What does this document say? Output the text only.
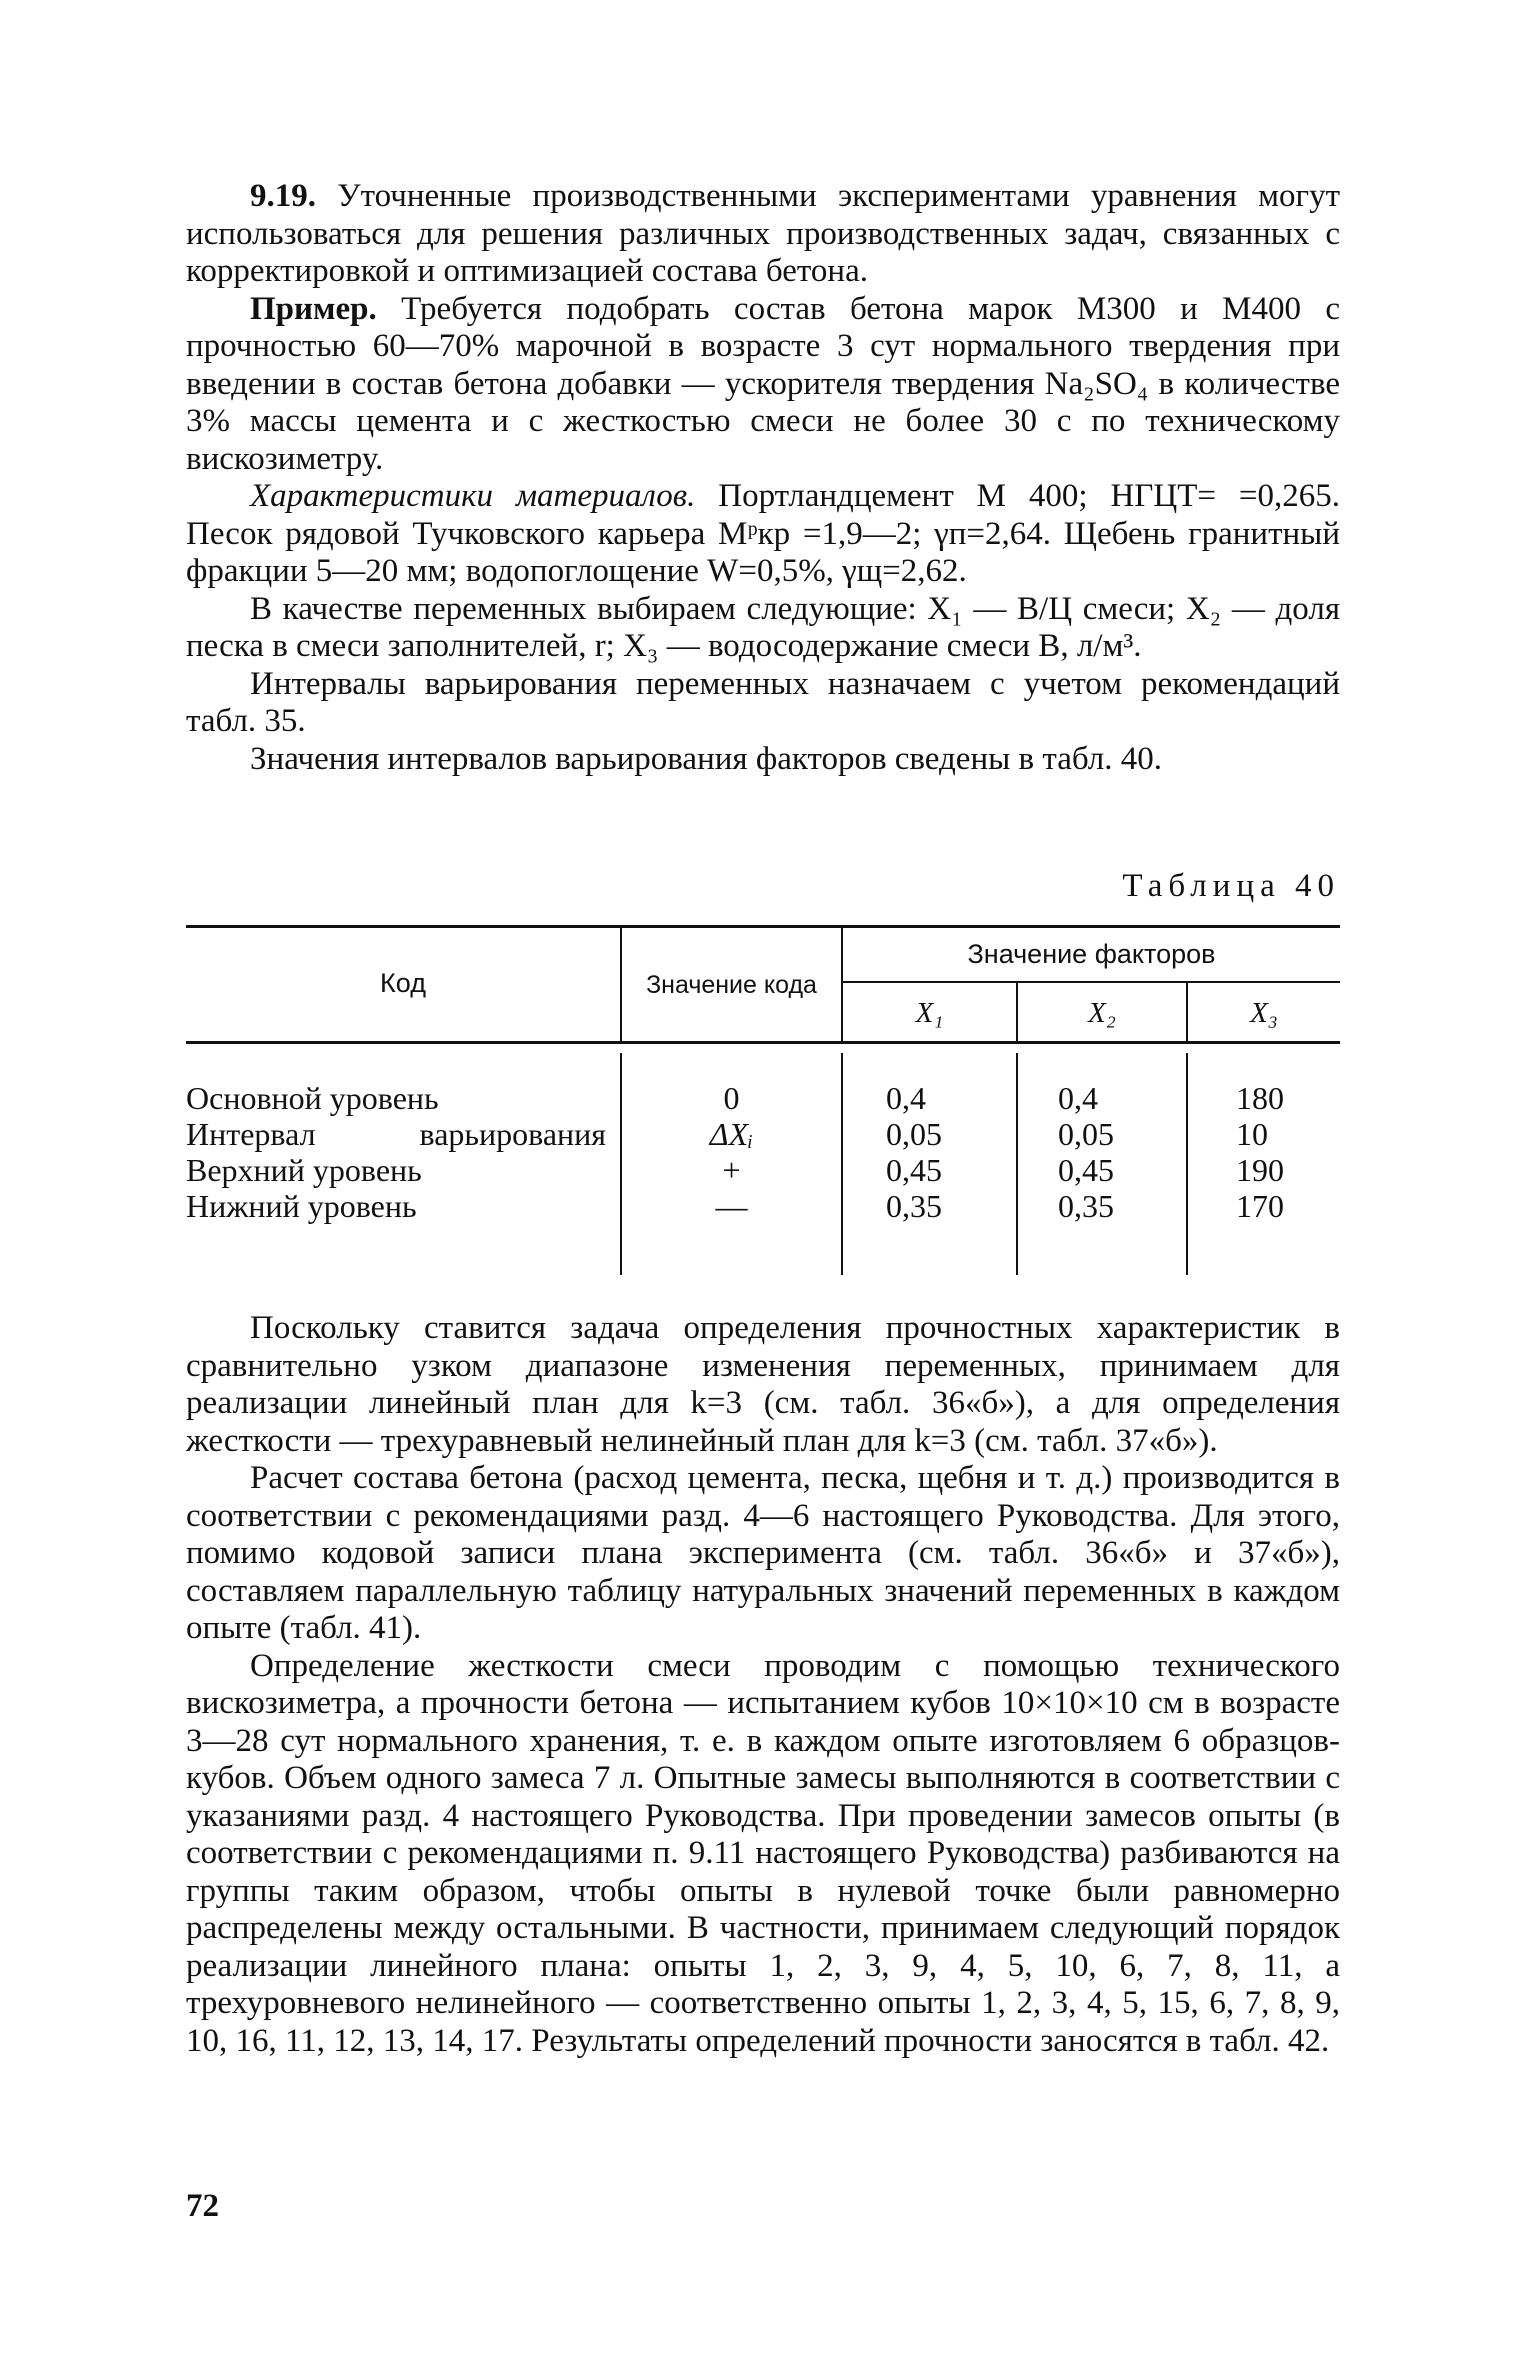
9.19. Уточненные производственными экспериментами уравнения могут использоваться для решения различных производственных задач, связанных с корректировкой и оптимизацией состава бетона.

Пример. Требуется подобрать состав бетона марок М300 и М400 с прочностью 60—70% марочной в возрасте 3 сут нормального твердения при введении в состав бетона добавки — ускорителя твердения Na₂SO₄ в количестве 3% массы цемента и с жесткостью смеси не более 30 с по техническому вискозиметру.

Характеристики материалов. Портландцемент М 400; НГЦТ= =0,265. Песок рядовой Тучковского карьера Мᵖкр =1,9—2; γп=2,64. Щебень гранитный фракции 5—20 мм; водопоглощение W=0,5%, γщ=2,62.

В качестве переменных выбираем следующие: X₁ — В/Ц смеси; X₂ — доля песка в смеси заполнителей, r; X₃ — водосодержание смеси В, л/м³.

Интервалы варьирования переменных назначаем с учетом рекомендаций табл. 35.

Значения интервалов варьирования факторов сведены в табл. 40.

Таблица 40
Код	Значение кода
Значение факторов
X₁	X₂	X₃
Основной уровень	0	0,4	0,4	180
Интервал варьирования	ΔXᵢ	0,05	0,05	10
Верхний уровень	+	0,45	0,45	190
Нижний уровень	—	0,35	0,35	170

Поскольку ставится задача определения прочностных характеристик в сравнительно узком диапазоне изменения переменных, принимаем для реализации линейный план для k=3 (см. табл. 36«б»), а для определения жесткости — трехуравневый нелинейный план для k=3 (см. табл. 37«б»).

Расчет состава бетона (расход цемента, песка, щебня и т. д.) производится в соответствии с рекомендациями разд. 4—6 настоящего Руководства. Для этого, помимо кодовой записи плана эксперимента (см. табл. 36«б» и 37«б»), составляем параллельную таблицу натуральных значений переменных в каждом опыте (табл. 41).

Определение жесткости смеси проводим с помощью технического вискозиметра, а прочности бетона — испытанием кубов 10×10×10 см в возрасте 3—28 сут нормального хранения, т. е. в каждом опыте изготовляем 6 образцов-кубов. Объем одного замеса 7 л. Опытные замесы выполняются в соответствии с указаниями разд. 4 настоящего Руководства. При проведении замесов опыты (в соответствии с рекомендациями п. 9.11 настоящего Руководства) разбиваются на группы таким образом, чтобы опыты в нулевой точке были равномерно распределены между остальными. В частности, принимаем следующий порядок реализации линейного плана: опыты 1, 2, 3, 9, 4, 5, 10, 6, 7, 8, 11, а трехуровневого нелинейного — соответственно опыты 1, 2, 3, 4, 5, 15, 6, 7, 8, 9, 10, 16, 11, 12, 13, 14, 17. Результаты определений прочности заносятся в табл. 42.

72
